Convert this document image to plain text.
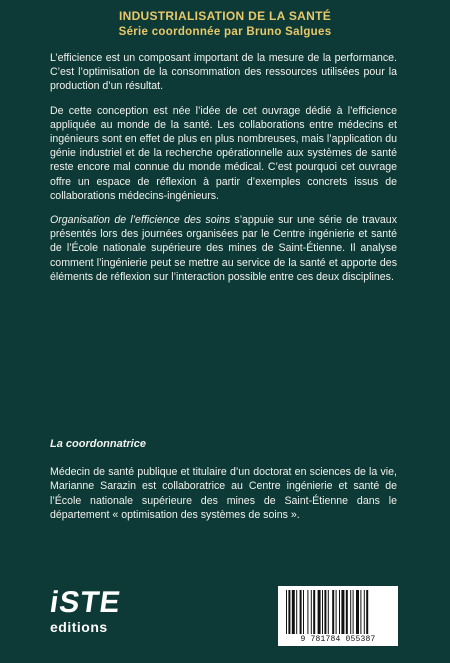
INDUSTRIALISATION DE LA SANTÉ
Série coordonnée par Bruno Salgues

L’efficience est un composant important de la mesure de la performance. C’est l’optimisation de la consommation des ressources utilisées pour la production d’un résultat.

De cette conception est née l’idée de cet ouvrage dédié à l’efficience appliquée au monde de la santé. Les collaborations entre médecins et ingénieurs sont en effet de plus en plus nombreuses, mais l’application du génie industriel et de la recherche opérationnelle aux systèmes de santé reste encore mal connue du monde médical. C’est pourquoi cet ouvrage offre un espace de réflexion à partir d’exemples concrets issus de collaborations médecins-ingénieurs.

Organisation de l’efficience des soins s’appuie sur une série de travaux présentés lors des journées organisées par le Centre ingénierie et santé de l’École nationale supérieure des mines de Saint-Étienne. Il analyse comment l’ingénierie peut se mettre au service de la santé et apporte des éléments de réflexion sur l’interaction possible entre ces deux disciplines.

La coordonnatrice

Médecin de santé publique et titulaire d’un doctorat en sciences de la vie, Marianne Sarazin est collaboratrice au Centre ingénierie et santé de l’École nationale supérieure des mines de Saint-Étienne dans le département « optimisation des systèmes de soins ».

iSTE
editions
9 781784 055387
